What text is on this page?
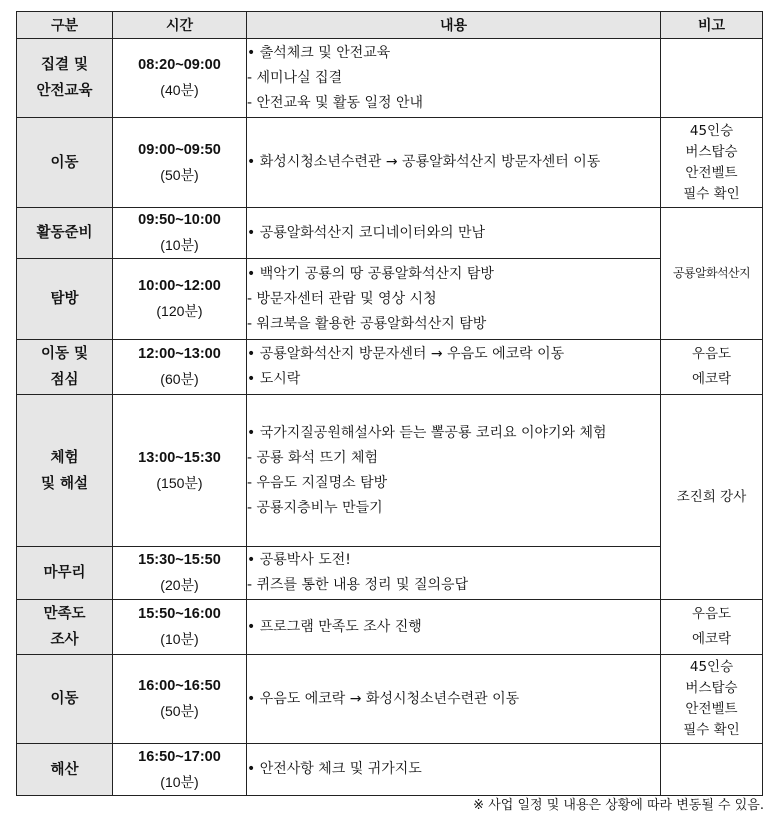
구분	시간	내용	비고

집결 및
안전교육	08:20~09:00
(40분)	• 출석체크 및 안전교육
- 세미나실 집결
- 안전교육 및 활동 일정 안내	

이동	09:00~09:50
(50분)	• 화성시청소년수련관 → 공룡알화석산지 방문자센터 이동	45인승
버스탑승
안전벨트
필수 확인

활동준비	09:50~10:00
(10분)	• 공룡알화석산지 코디네이터와의 만남	공룡알화석산지

탐방	10:00~12:00
(120분)	• 백악기 공룡의 땅 공룡알화석산지 탐방
- 방문자센터 관람 및 영상 시청
- 워크북을 활용한 공룡알화석산지 탐방	

이동 및
점심	12:00~13:00
(60분)	• 공룡알화석산지 방문자센터 → 우음도 에코락 이동
• 도시락	우음도
에코락

체험
및 해설	13:00~15:30
(150분)	• 국가지질공원해설사와 듣는 뽈공룡 코리요 이야기와 체험
- 공룡 화석 뜨기 체험
- 우음도 지질명소 탐방
- 공룡지층비누 만들기	조진희 강사

마무리	15:30~15:50
(20분)	• 공룡박사 도전!
- 퀴즈를 통한 내용 정리 및 질의응답	

만족도
조사	15:50~16:00
(10분)	• 프로그램 만족도 조사 진행	우음도
에코락

이동	16:00~16:50
(50분)	• 우음도 에코락 → 화성시청소년수련관 이동	45인승
버스탑승
안전벨트
필수 확인

해산	16:50~17:00
(10분)	• 안전사항 체크 및 귀가지도	

※ 사업 일정 및 내용은 상황에 따라 변동될 수 있음.
